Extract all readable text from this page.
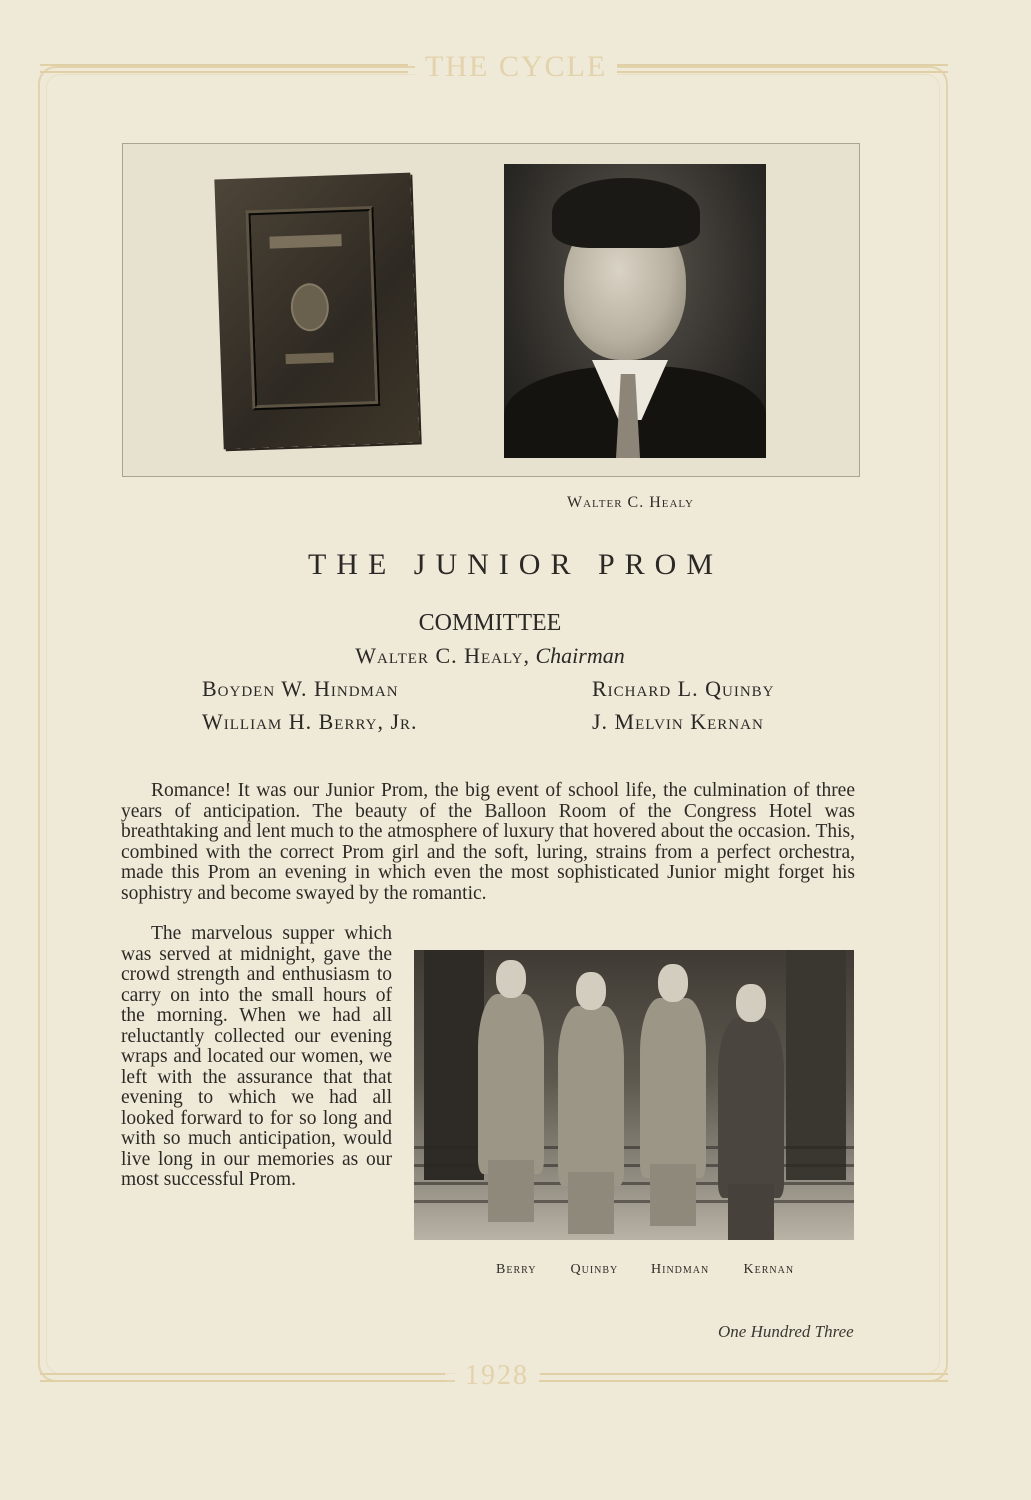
THE CYCLE
1928
Walter C. Healy
THE JUNIOR PROM
COMMITTEE
Walter C. Healy, Chairman
Boyden W. Hindman	Richard L. Quinby
William H. Berry, Jr.	J. Melvin Kernan
Romance! It was our Junior Prom, the big event of school life, the culmination of three years of anticipation. The beauty of the Balloon Room of the Congress Hotel was breathtaking and lent much to the atmosphere of luxury that hovered about the occasion. This, combined with the correct Prom girl and the soft, luring, strains from a perfect orchestra, made this Prom an evening in which even the most sophisticated Junior might forget his sophistry and become swayed by the romantic.
The marvelous supper which was served at midnight, gave the crowd strength and enthusiasm to carry on into the small hours of the morning. When we had all reluctantly collected our evening wraps and located our women, we left with the assurance that that evening to which we had all looked forward to for so long and with so much anticipation, would live long in our memories as our most successful Prom.
Berry Quinby Hindman Kernan
One Hundred Three
